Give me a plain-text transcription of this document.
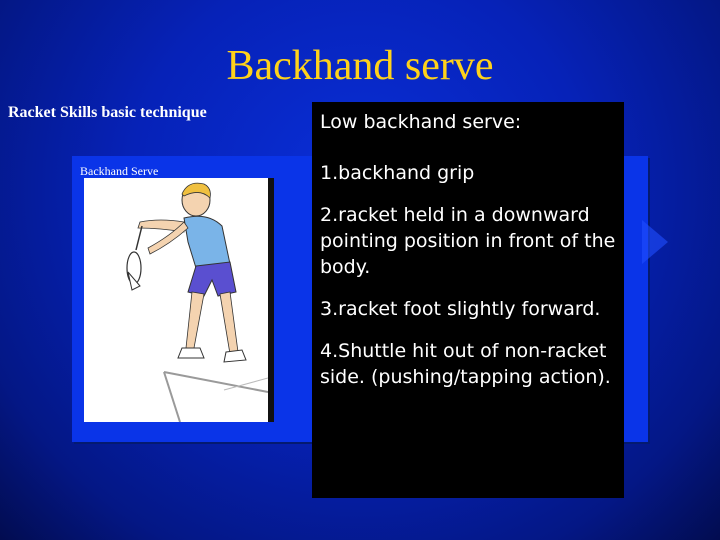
Backhand serve
Racket Skills basic technique
Backhand Serve
Low backhand serve:
1.backhand grip
2.racket held in a downward pointing position in front of the body.
3.racket foot slightly forward.
4.Shuttle hit out of non-racket side. (pushing/tapping action).
